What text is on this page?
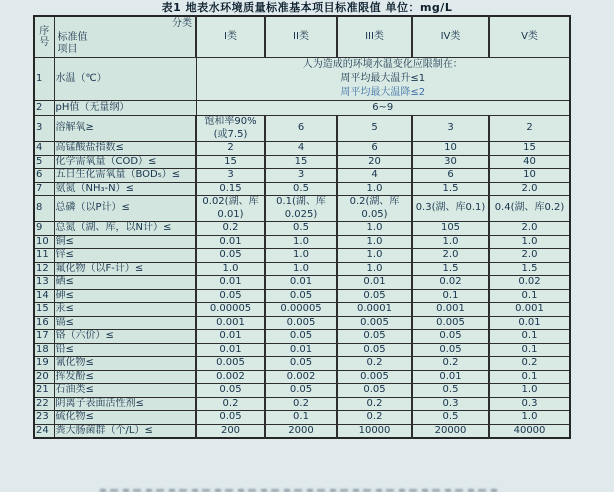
表1 地表水环境质量标准基本项目标准限值 单位：mg/L
序
号

分类
标准值
项目
	I类	II类	III类	IV类	V类
1	水温（℃）	人为造成的环境水温变化应限制在：
周平均最大温升≤1
周平均最大温降≤2				

2	pH值（无量纲）	6~9				

3	溶解氧≥	饱和率90%(或7.5)	6	5	3	2
4	高锰酸盐指数≤	2	4	6	10	15
5	化学需氧量（COD）≤	15	15	20	30	40
6	五日生化需氧量（BOD₅）≤	3	3	4	6	10
7	氨氮（NH₃-N）≤	0.15	0.5	1.0	1.5	2.0
8	总磷（以P计）≤	0.02(湖、库0.01)	0.1(湖、库0.025)	0.2(湖、库0.05)	0.3(湖、库0.1)	0.4(湖、库0.2)
9	总氮（湖、库，以N计）≤	0.2	0.5	1.0	105	2.0
10	铜≤	0.01	1.0	1.0	1.0	1.0
11	锌≤	0.05	1.0	1.0	2.0	2.0
12	氟化物（以F-计）≤	1.0	1.0	1.0	1.5	1.5
13	硒≤	0.01	0.01	0.01	0.02	0.02
14	砷≤	0.05	0.05	0.05	0.1	0.1
15	汞≤	0.00005	0.00005	0.0001	0.001	0.001
16	镉≤	0.001	0.005	0.005	0.005	0.01
17	铬（六价）≤	0.01	0.05	0.05	0.05	0.1
18	铅≤	0.01	0.01	0.05	0.05	0.1
19	氰化物≤	0.005	0.05	0.2	0.2	0.2
20	挥发酚≤	0.002	0.002	0.005	0.01	0.1
21	石油类≤	0.05	0.05	0.05	0.5	1.0
22	阴离子表面活性剂≤	0.2	0.2	0.2	0.3	0.3
23	硫化物≤	0.05	0.1	0.2	0.5	1.0
24	粪大肠菌群（个/L）≤	200	2000	10000	20000	40000
